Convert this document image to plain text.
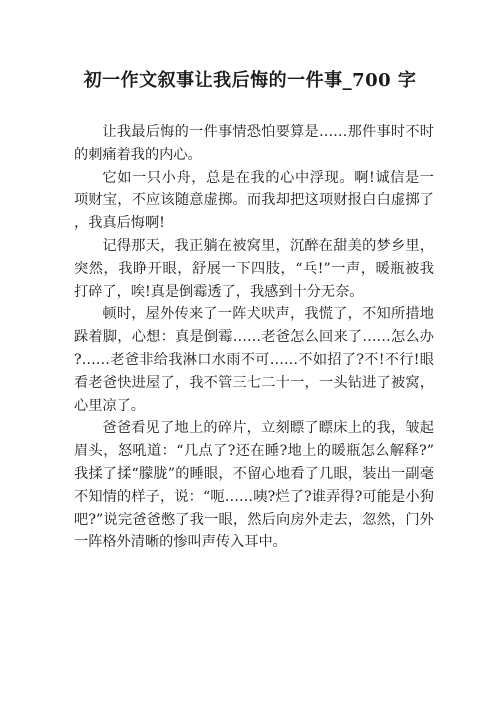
初一作文叙事让我后悔的一件事_700 字

让我最后悔的一件事情恐怕要算是……那件事时不时的刺痛着我的内心。

它如一只小舟，总是在我的心中浮现。啊!诚信是一项财宝，不应该随意虚掷。而我却把这项财报白白虚掷了，我真后悔啊!

记得那天，我正躺在被窝里，沉醉在甜美的梦乡里，突然，我睁开眼，舒展一下四肢，“乓!”一声，暖瓶被我打碎了，唉!真是倒霉透了，我感到十分无奈。

顿时，屋外传来了一阵犬吠声，我慌了，不知所措地跺着脚，心想：真是倒霉……老爸怎么回来了……怎么办?……老爸非给我淋口水雨不可……不如招了?不!不行!眼看老爸快进屋了，我不管三七二十一，一头钻进了被窝，心里凉了。

爸爸看见了地上的碎片，立刻瞟了瞟床上的我，皱起眉头，怒吼道：“几点了?还在睡?地上的暖瓶怎么解释?”我揉了揉“朦胧”的睡眼，不留心地看了几眼，装出一副毫不知情的样子，说：“呃……咦?烂了?谁弄得?可能是小狗吧?”说完爸爸憋了我一眼，然后向房外走去，忽然，门外一阵格外清晰的惨叫声传入耳中。
